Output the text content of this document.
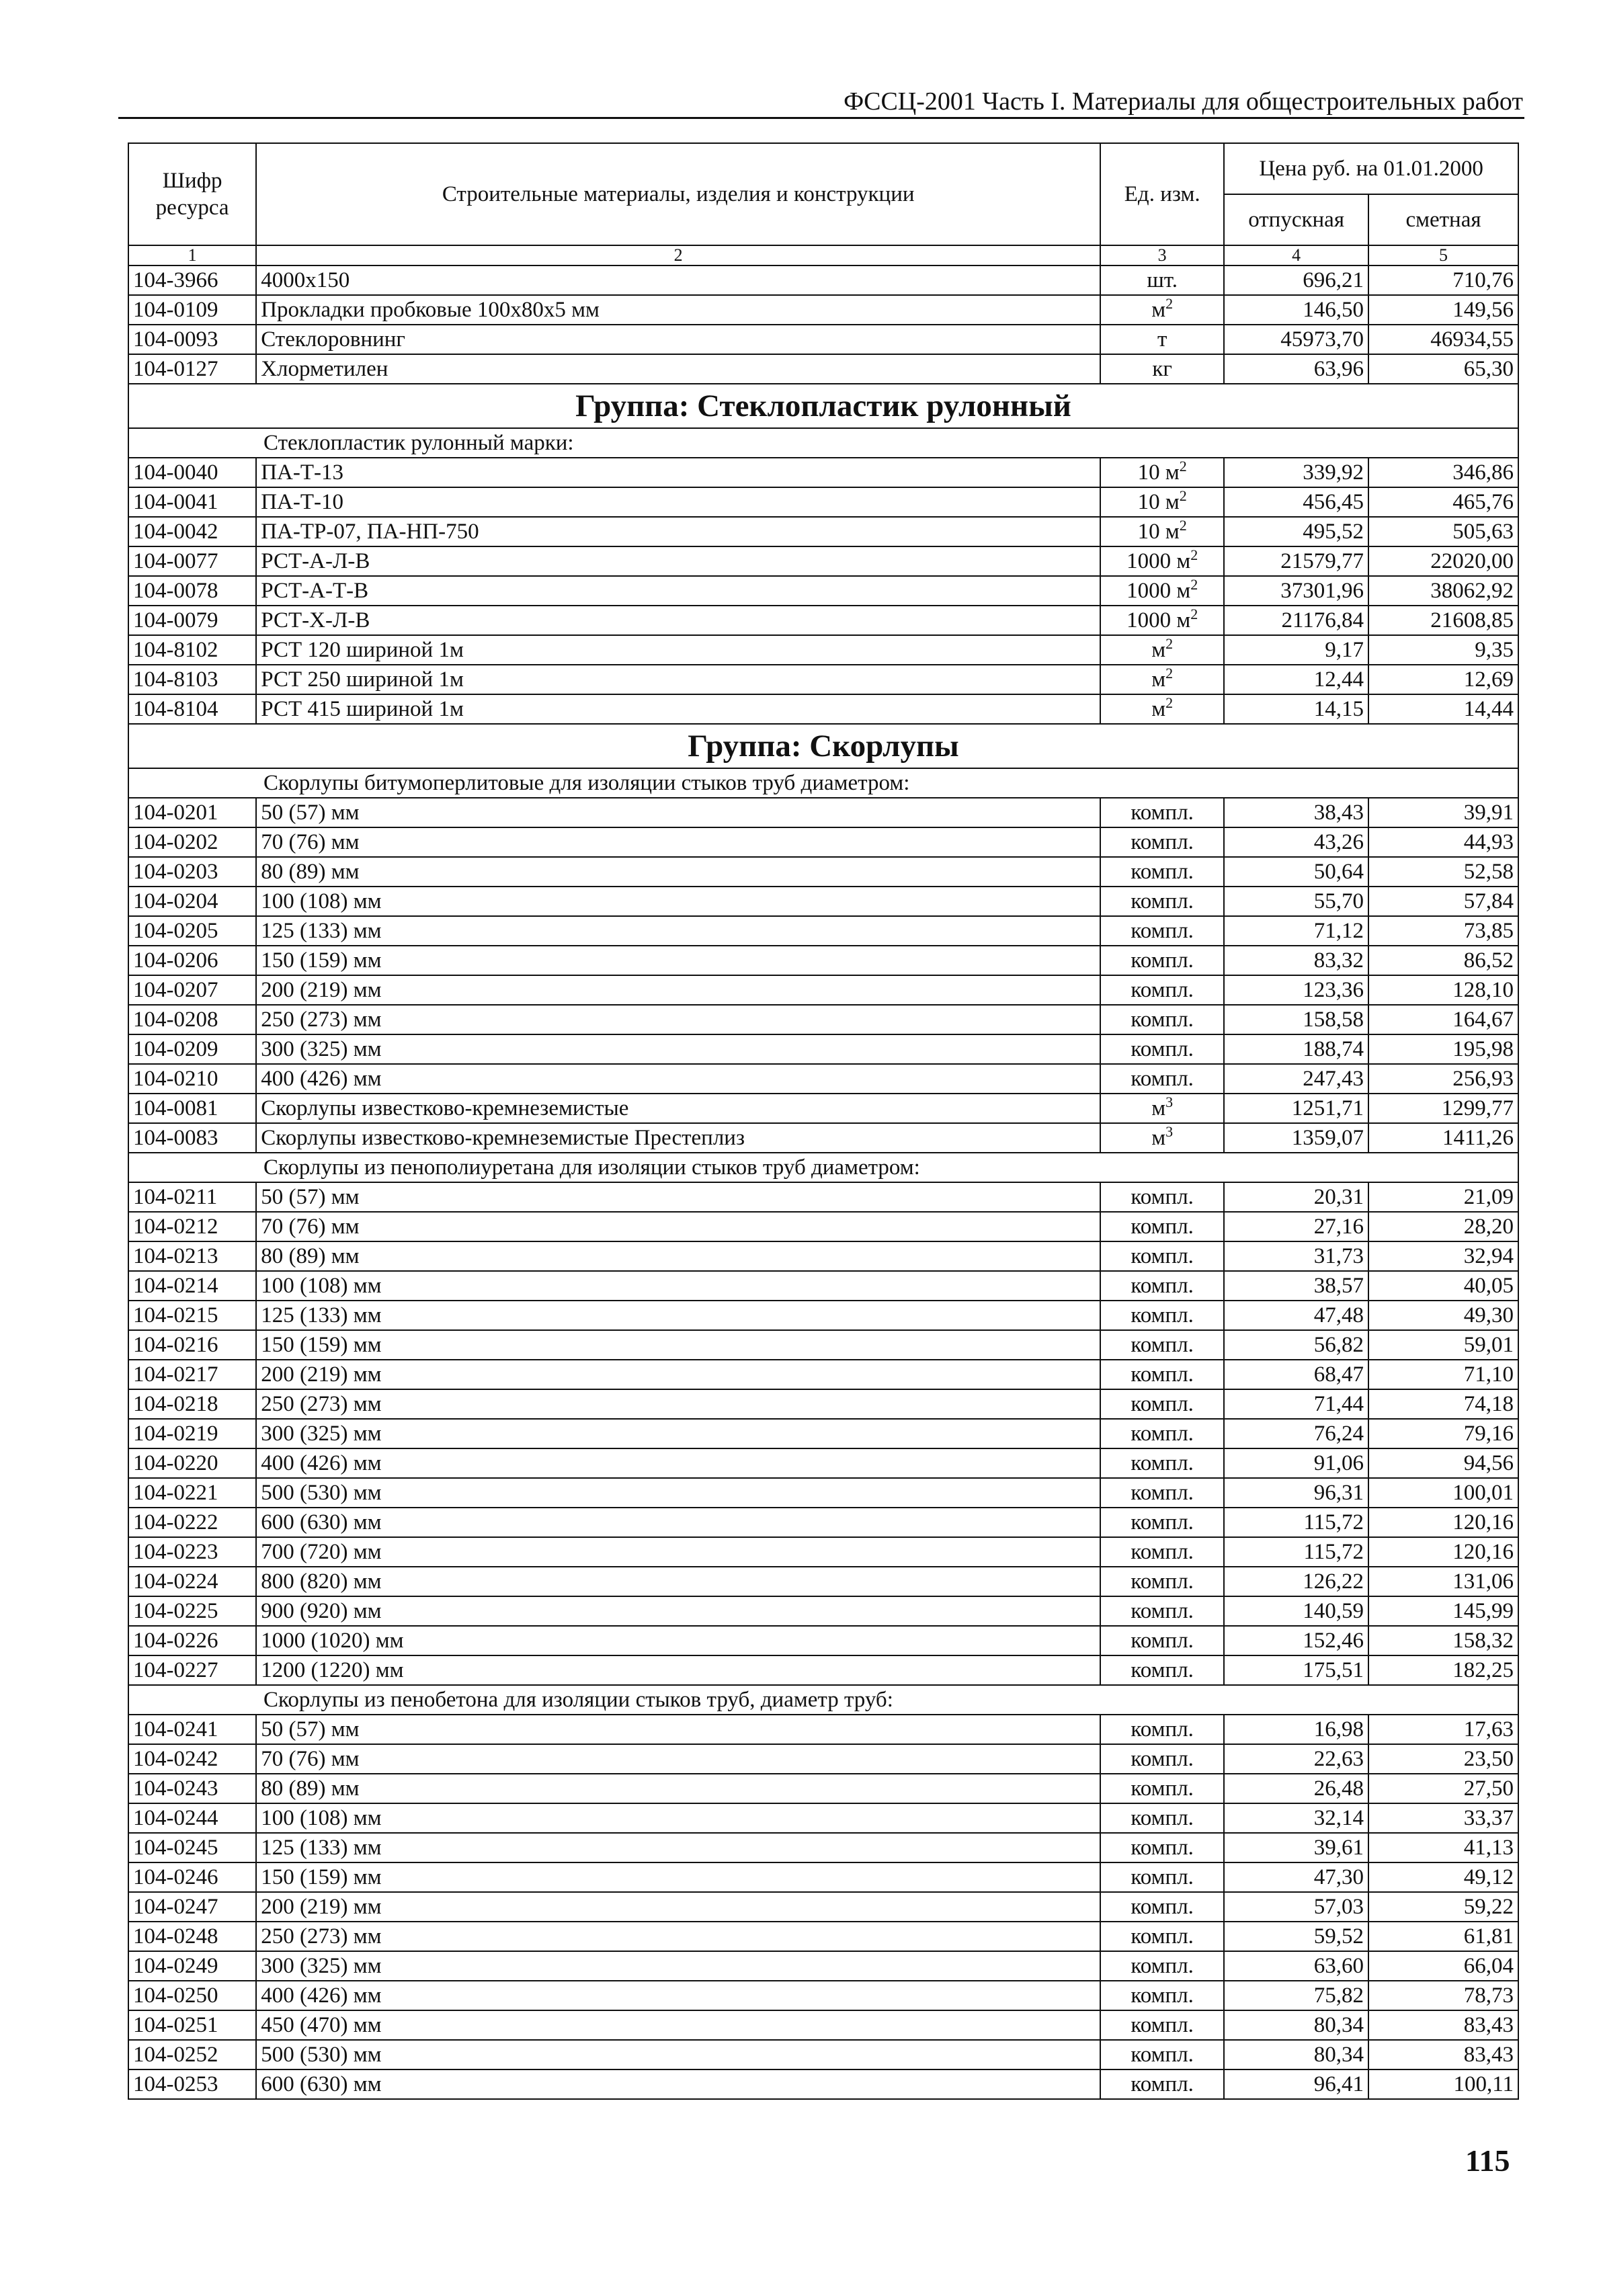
ФССЦ-2001 Часть I. Материалы для общестроительных работ
Шифр ресурса	Строительные материалы, изделия и конструкции	Ед. изм.	Цена руб. на 01.01.2000	
			отпускная	сметная
1	2	3	4	5
104-3966	4000х150	шт.	696,21	710,76
104-0109	Прокладки пробковые 100х80х5 мм	$м^2$	146,50	149,56
104-0093	Стеклоровнинг	т	45973,70	46934,55
104-0127	Хлорметилен	кг	63,96	65,30
Группа: Стеклопластик рулонный				
Стеклопластик рулонный марки:				
104-0040	ПА-Т-13	10 $м^2$	339,92	346,86
104-0041	ПА-Т-10	10 $м^2$	456,45	465,76
104-0042	ПА-ТР-07, ПА-НП-750	10 $м^2$	495,52	505,63
104-0077	РСТ-А-Л-В	1000 $м^2$	21579,77	22020,00
104-0078	РСТ-А-Т-В	1000 $м^2$	37301,96	38062,92
104-0079	РСТ-Х-Л-В	1000 $м^2$	21176,84	21608,85
104-8102	РСТ 120 шириной 1м	$м^2$	9,17	9,35
104-8103	РСТ 250 шириной 1м	$м^2$	12,44	12,69
104-8104	РСТ 415 шириной 1м	$м^2$	14,15	14,44
Группа: Скорлупы				
Скорлупы битумоперлитовые для изоляции стыков труб диаметром:				
104-0201	50 (57) мм	компл.	38,43	39,91
104-0202	70 (76) мм	компл.	43,26	44,93
104-0203	80 (89) мм	компл.	50,64	52,58
104-0204	100 (108) мм	компл.	55,70	57,84
104-0205	125 (133) мм	компл.	71,12	73,85
104-0206	150 (159) мм	компл.	83,32	86,52
104-0207	200 (219) мм	компл.	123,36	128,10
104-0208	250 (273) мм	компл.	158,58	164,67
104-0209	300 (325) мм	компл.	188,74	195,98
104-0210	400 (426) мм	компл.	247,43	256,93
104-0081	Скорлупы известково-кремнеземистые	$м^3$	1251,71	1299,77
104-0083	Скорлупы известково-кремнеземистые Престеплиз	$м^3$	1359,07	1411,26
Скорлупы из пенополиуретана для изоляции стыков труб диаметром:				
104-0211	50 (57) мм	компл.	20,31	21,09
104-0212	70 (76) мм	компл.	27,16	28,20
104-0213	80 (89) мм	компл.	31,73	32,94
104-0214	100 (108) мм	компл.	38,57	40,05
104-0215	125 (133) мм	компл.	47,48	49,30
104-0216	150 (159) мм	компл.	56,82	59,01
104-0217	200 (219) мм	компл.	68,47	71,10
104-0218	250 (273) мм	компл.	71,44	74,18
104-0219	300 (325) мм	компл.	76,24	79,16
104-0220	400 (426) мм	компл.	91,06	94,56
104-0221	500 (530) мм	компл.	96,31	100,01
104-0222	600 (630) мм	компл.	115,72	120,16
104-0223	700 (720) мм	компл.	115,72	120,16
104-0224	800 (820) мм	компл.	126,22	131,06
104-0225	900 (920) мм	компл.	140,59	145,99
104-0226	1000 (1020) мм	компл.	152,46	158,32
104-0227	1200 (1220) мм	компл.	175,51	182,25
Скорлупы из пенобетона для изоляции стыков труб, диаметр труб:				
104-0241	50 (57) мм	компл.	16,98	17,63
104-0242	70 (76) мм	компл.	22,63	23,50
104-0243	80 (89) мм	компл.	26,48	27,50
104-0244	100 (108) мм	компл.	32,14	33,37
104-0245	125 (133) мм	компл.	39,61	41,13
104-0246	150 (159) мм	компл.	47,30	49,12
104-0247	200 (219) мм	компл.	57,03	59,22
104-0248	250 (273) мм	компл.	59,52	61,81
104-0249	300 (325) мм	компл.	63,60	66,04
104-0250	400 (426) мм	компл.	75,82	78,73
104-0251	450 (470) мм	компл.	80,34	83,43
104-0252	500 (530) мм	компл.	80,34	83,43
104-0253	600 (630) мм	компл.	96,41	100,11
115
